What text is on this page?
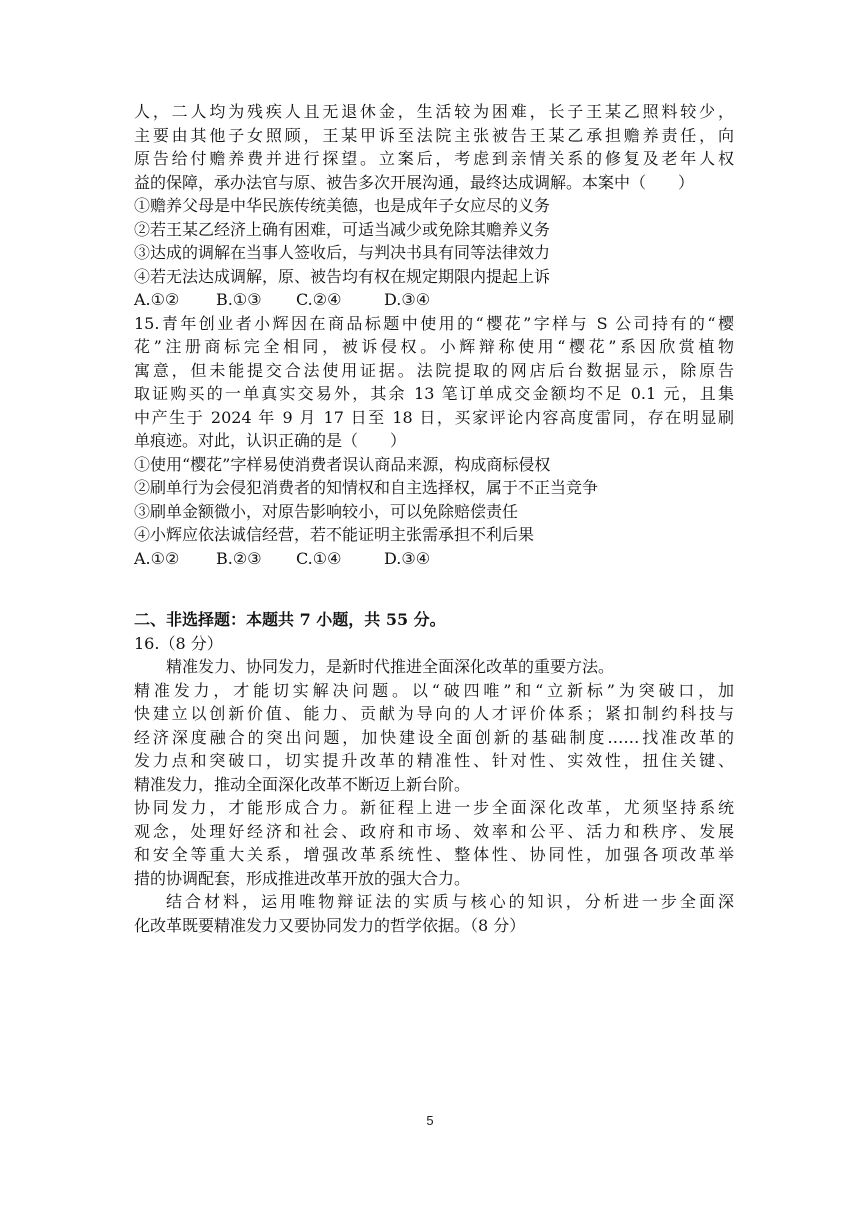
人，二人均为残疾人且无退休金，生活较为困难，长子王某乙照料较少，
主要由其他子女照顾，王某甲诉至法院主张被告王某乙承担赡养责任，向
原告给付赡养费并进行探望。立案后，考虑到亲情关系的修复及老年人权
益的保障，承办法官与原、被告多次开展沟通，最终达成调解。本案中（　　）
①赡养父母是中华民族传统美德，也是成年子女应尽的义务
②若王某乙经济上确有困难，可适当减少或免除其赡养义务
③达成的调解在当事人签收后，与判决书具有同等法律效力
④若无法达成调解，原、被告均有权在规定期限内提起上诉
A.①② B.①③ C.②④	D.③④
15.青年创业者小辉因在商品标题中使用的“樱花”字样与 S 公司持有的“樱
花”注册商标完全相同，被诉侵权。小辉辩称使用“樱花”系因欣赏植物
寓意，但未能提交合法使用证据。法院提取的网店后台数据显示，除原告
取证购买的一单真实交易外，其余 13 笔订单成交金额均不足 0.1 元，且集
中产生于 2024 年 9 月 17 日至 18 日，买家评论内容高度雷同，存在明显刷
单痕迹。对此，认识正确的是（　　）
①使用“樱花”字样易使消费者误认商品来源，构成商标侵权
②刷单行为会侵犯消费者的知情权和自主选择权，属于不正当竞争
③刷单金额微小，对原告影响较小，可以免除赔偿责任
④小辉应依法诚信经营，若不能证明主张需承担不利后果
A.①② B.②③ C.①④	D.③④
二、非选择题：本题共 7 小题，共 55 分。
16.（8 分）
精准发力、协同发力，是新时代推进全面深化改革的重要方法。
精准发力，才能切实解决问题。以“破四唯”和“立新标”为突破口，加
快建立以创新价值、能力、贡献为导向的人才评价体系；紧扣制约科技与
经济深度融合的突出问题，加快建设全面创新的基础制度……找准改革的
发力点和突破口，切实提升改革的精准性、针对性、实效性，扭住关键、
精准发力，推动全面深化改革不断迈上新台阶。
协同发力，才能形成合力。新征程上进一步全面深化改革，尤须坚持系统
观念，处理好经济和社会、政府和市场、效率和公平、活力和秩序、发展
和安全等重大关系，增强改革系统性、整体性、协同性，加强各项改革举
措的协调配套，形成推进改革开放的强大合力。
结合材料，运用唯物辩证法的实质与核心的知识，分析进一步全面深
化改革既要精准发力又要协同发力的哲学依据。（8 分）
5
